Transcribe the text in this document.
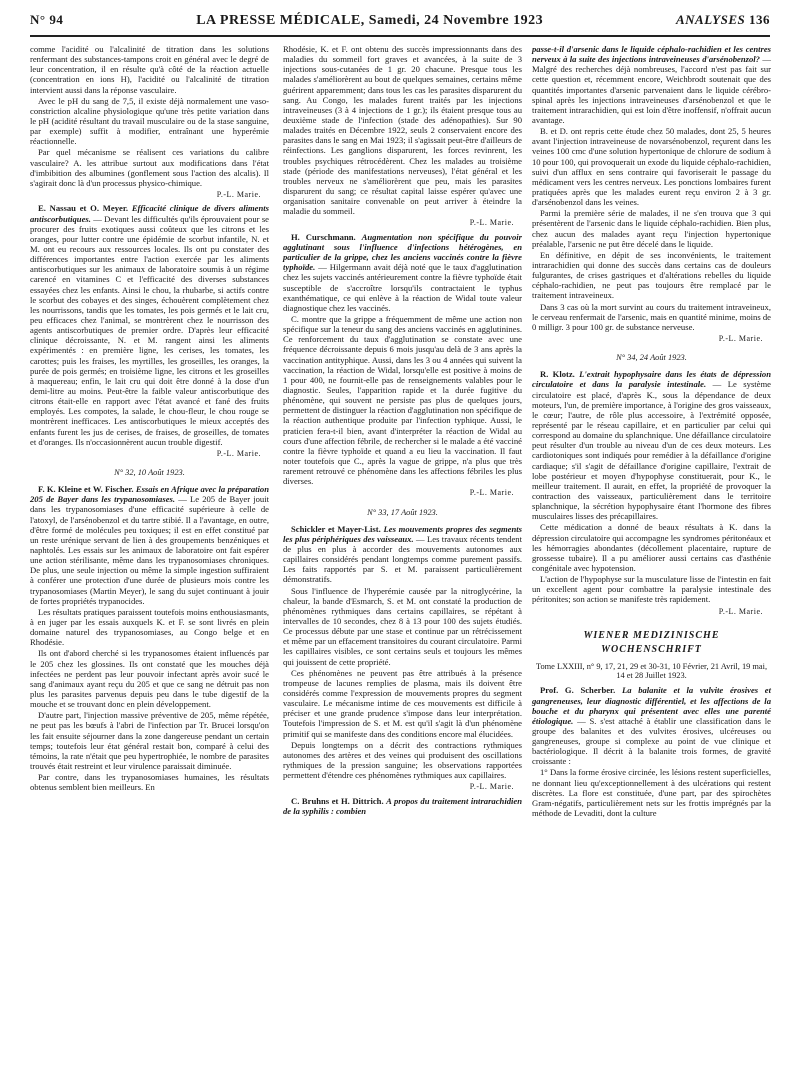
N° 94	LA PRESSE MÉDICALE, Samedi, 24 Novembre 1923	ANALYSES 136

comme l'acidité ou l'alcalinité de titration dans les solutions renfermant des substances-tampons croit en général avec le degré de leur concentration, il en résulte qu'à côté de la réaction actuelle (concentration en ions H), l'acidité ou l'alcalinité de titration intervient aussi dans la réponse vasculaire.

Avec le pH du sang de 7,5, il existe déjà normalement une vaso-constriction alcaline physiologique qu'une très petite variation dans le pH (acidité résultant du travail musculaire ou de la stase sanguine, par exemple) suffit à modifier, entraînant une hyperémie réactionnelle.

Par quel mécanisme se réalisent ces variations du calibre vasculaire? A. les attribue surtout aux modifications dans l'état d'imbibition des albumines (gonflement sous l'action des alcalis). Il s'agirait donc là d'un processus physico-chimique.

P.-L. Marie.

E. Nassau et O. Meyer. Efficacité clinique de divers aliments antiscorbutiques. — Devant les difficultés qu'ils éprouvaient pour se procurer des fruits exotiques aussi coûteux que les citrons et les oranges, pour lutter contre une épidémie de scorbut infantile, N. et M. ont eu recours aux ressources locales. Ils ont pu constater des différences importantes entre l'action exercée par les aliments antiscorbutiques sur les animaux de laboratoire soumis à un régime carencé en vitamines C et l'efficacité des diverses substances essayées chez les enfants. Ainsi le chou, la rhubarbe, si actifs contre le scorbut des cobayes et des singes, échouèrent complètement chez les nourrissons, tandis que les tomates, les pois germés et le lait cru, peu efficaces chez l'animal, se montrèrent chez le nourrisson des agents antiscorbutiques de premier ordre. D'après leur efficacité clinique décroissante, N. et M. rangent ainsi les aliments expérimentés : en première ligne, les cerises, les tomates, les carottes; puis les fraises, les myrtilles, les groseilles, les oranges, la purée de pois germés; en troisième ligne, les citrons et les groseilles à maquereau; enfin, le lait cru qui doit être donné à la dose d'un demi-litre au moins. Peut-être la faible valeur antiscorbutique des citrons était-elle en rapport avec l'état avancé et fané des fruits employés. Les compotes, la salade, le chou-fleur, le chou rouge se montrèrent inefficaces. Les antiscorbutiques le mieux acceptés des enfants furent les jus de cerises, de fraises, de groseilles, de tomates et d'oranges. Ils n'occasionnèrent aucun trouble digestif.

P.-L. Marie.
N° 32, 10 Août 1923.

F. K. Kleine et W. Fischer. Essais en Afrique avec la préparation 205 de Bayer dans les trypanosomiases. — Le 205 de Bayer jouit dans les trypanosomiases d'une efficacité supérieure à celle de l'atoxyl, de l'arsénobenzol et du tartre stibié. Il a l'avantage, en outre, d'être formé de molécules peu toxiques; il est en effet constitué par un reste urénique servant de lien à des groupements benzéniques et naphtolés. Les essais sur les animaux de laboratoire ont fait espérer une action stérilisante, même dans les trypanosomiases chroniques. De plus, une seule injection ou même la simple ingestion suffiraient à conférer une protection d'une durée de plusieurs mois contre les trypanosomiases (Martin Meyer), le sang du sujet continuant à jouir de fortes propriétés trypanocides.

Les résultats pratiques paraissent toutefois moins enthousiasmants, à en juger par les essais auxquels K. et F. se sont livrés en plein domaine naturel des trypanosomiases, au Congo belge et en Rhodésie.

Ils ont d'abord cherché si les trypanosomes étaient influencés par le 205 chez les glossines. Ils ont constaté que les mouches déjà infectées ne perdent pas leur pouvoir infectant après avoir sucé le sang d'animaux ayant reçu du 205 et que ce sang ne détruit pas non plus les parasites parvenus depuis peu dans le tube digestif de la mouche et se trouvant donc en plein développement.

D'autre part, l'injection massive préventive de 205, même répétée, ne peut pas les bœufs à l'abri de l'infection par Tr. Brucei lorsqu'on les fait ensuite séjourner dans la zone dangereuse pendant un certain temps; toutefois leur état général restait bon, comparé à celui des témoins, la rate n'était que peu hypertrophiée, le nombre de parasites trouvés était restreint et leur virulence paraissait diminuée.

Par contre, dans les trypanosomiases humaines, les résultats obtenus semblent bien meilleurs. En

Rhodésie, K. et F. ont obtenu des succès impressionnants dans des maladies du sommeil fort graves et avancées, à la suite de 3 injections sous-cutanées de 1 gr. 20 chacune. Presque tous les malades s'améliorèrent au bout de quelques semaines, certains même guérirent apparemment; dans tous les cas les parasites disparurent du sang. Au Congo, les malades furent traités par les injections intraveineuses (3 à 4 injections de 1 gr.); ils étaient presque tous au deuxième stade de l'infection (stade des adénopathies). Sur 90 malades traités en Décembre 1922, seuls 2 conservaient encore des parasites dans le sang en Mai 1923; il s'agissait peut-être d'ailleurs de réinfections. Les ganglions disparurent, les forces revinrent, les troubles psychiques rétrocédèrent. Chez les malades au troisième stade (période des manifestations nerveuses), l'état général et les troubles nerveux ne s'améliorèrent que peu, mais les parasites disparurent du sang; ce résultat capital laisse espérer qu'avec une organisation sanitaire convenable on peut arriver à éteindre la maladie du sommeil.

P.-L. Marie.

H. Curschmann. Augmentation non spécifique du pouvoir agglutinant sous l'influence d'infections hétérogènes, en particulier de la grippe, chez les anciens vaccinés contre la fièvre typhoïde. — Hilgermann avait déjà noté que le taux d'agglutination chez les sujets vaccinés antérieurement contre la fièvre typhoïde était susceptible de s'accroître lorsqu'ils contractaient le typhus exanthématique, ce qui enlève à la réaction de Widal toute valeur diagnostique chez les vaccinés.

C. montre que la grippe a fréquemment de même une action non spécifique sur la teneur du sang des anciens vaccinés en agglutinines. Ce renforcement du taux d'agglutination se constate avec une fréquence décroissante depuis 6 mois jusqu'au delà de 3 ans après la vaccination antityphique. Aussi, dans les 3 ou 4 années qui suivent la vaccination, la réaction de Widal, lorsqu'elle est positive à moins de 1 pour 400, ne fournit-elle pas de renseignements valables pour le diagnostic. Seules, l'apparition rapide et la durée fugitive du phénomène, qui souvent ne persiste pas plus de quelques jours, permettent de distinguer la réaction d'agglutination non spécifique de la réaction authentique produite par l'infection typhique. Aussi, le praticien fera-t-il bien, avant d'interpréter la réaction de Widal au cours d'une affection fébrile, de rechercher si le malade a été vacciné contre la fièvre typhoïde et quand a eu lieu la vaccination. Il faut noter toutefois que C., après la vague de grippe, n'a plus que très rarement retrouvé ce phénomène dans les affections fébriles les plus diverses.

P.-L. Marie.
N° 33, 17 Août 1923.

Schickler et Mayer-List. Les mouvements propres des segments les plus périphériques des vaisseaux. — Les travaux récents tendent de plus en plus à accorder des mouvements autonomes aux capillaires considérés pendant longtemps comme purement passifs. Les faits rapportés par S. et M. paraissent particulièrement démonstratifs.

Sous l'influence de l'hyperémie causée par la nitroglycérine, la chaleur, la bande d'Esmarch, S. et M. ont constaté la production de phénomènes rythmiques dans certains capillaires, se répétant à intervalles de 10 secondes, chez 8 à 13 pour 100 des sujets étudiés. Ce processus débute par une stase et continue par un rétrécissement et même par un effacement transitoires du courant circulatoire. Parmi les capillaires visibles, ce sont certains seuls et toujours les mêmes qui jouissent de cette propriété.

Ces phénomènes ne peuvent pas être attribués à la présence trompeuse de lacunes remplies de plasma, mais ils doivent être considérés comme l'expression de mouvements propres du segment vasculaire. Le mécanisme intime de ces mouvements est difficile à préciser et une grande prudence s'impose dans leur interprétation. Toutefois l'impression de S. et M. est qu'il s'agit là d'un phénomène primitif qui se manifeste dans des conditions encore mal élucidées.

Depuis longtemps on a décrit des contractions rythmiques autonomes des artères et des veines qui produisent des oscillations rythmiques de la pression sanguine; les observations rapportées permettent d'étendre ces phénomènes rythmiques aux capillaires.

P.-L. Marie.

C. Bruhns et H. Dittrich. A propos du traitement intrarachidien de la syphilis : combien

passe-t-il d'arsenic dans le liquide céphalo-rachidien et les centres nerveux à la suite des injections intraveineuses d'arsénobenzol? — Malgré des recherches déjà nombreuses, l'accord n'est pas fait sur cette question et, récemment encore, Weichbrodt soutenait que des quantités importantes d'arsenic parvenaient dans le liquide cérébro-spinal après les injections intraveineuses d'arsénobenzol et que le traitement intrarachidien, qui est loin d'être inoffensif, n'offrait aucun avantage.

B. et D. ont repris cette étude chez 50 malades, dont 25, 5 heures avant l'injection intraveineuse de novarsénobenzol, reçurent dans les veines 100 cmc d'une solution hypertonique de chlorure de sodium à 10 pour 100, qui provoquerait un exode du liquide céphalo-rachidien, suivi d'un afflux en sens contraire qui favoriserait le passage du médicament vers les centres nerveux. Les ponctions lombaires furent pratiquées après que les malades eurent reçu environ 2 à 3 gr. d'arsénobenzol dans les veines.

Parmi la première série de malades, il ne s'en trouva que 3 qui présentèrent de l'arsenic dans le liquide céphalo-rachidien. Bien plus, chez aucun des malades ayant reçu l'injection hypertonique préalable, l'arsenic ne put être décelé dans le liquide.

En définitive, en dépit de ses inconvénients, le traitement intrarachidien qui donne des succès dans certains cas de douleurs fulgurantes, de crises gastriques et d'altérations rebelles du liquide céphalo-rachidien, ne peut pas toujours être remplacé par le traitement intraveineux.

Dans 3 cas où la mort survint au cours du traitement intraveineux, le cerveau renfermait de l'arsenic, mais en quantité minime, moins de 0 milligr. 3 pour 100 gr. de substance nerveuse.

P.-L. Marie.
N° 34, 24 Août 1923.

R. Klotz. L'extrait hypophysaire dans les états de dépression circulatoire et dans la paralysie intestinale. — Le système circulatoire est placé, d'après K., sous la dépendance de deux moteurs, l'un, de première importance, à l'origine des gros vaisseaux, le cœur; l'autre, de rôle plus accessoire, à l'extrémité opposée, représenté par le réseau capillaire, et en particulier par celui qui correspond au domaine du splanchnique. Une défaillance circulatoire peut résulter d'un trouble au niveau d'un de ces deux moteurs. Les cardiotoniques sont indiqués pour remédier à la défaillance d'origine cardiaque; s'il s'agit de défaillance d'origine capillaire, l'extrait de lobe postérieur et moyen d'hypophyse constituerait, pour K., le meilleur traitement. Il aurait, en effet, la propriété de provoquer la contraction des vaisseaux, particulièrement dans le territoire splanchnique, la sécrétion hypophysaire étant l'hormone des fibres musculaires lisses des précapillaires.

Cette médication a donné de beaux résultats à K. dans la dépression circulatoire qui accompagne les syndromes péritonéaux et les hémorragies abondantes (décollement placentaire, rupture de grossesse tubaire). Il a pu améliorer aussi certains cas d'asthénie congénitale avec hypotension.

L'action de l'hypophyse sur la musculature lisse de l'intestin en fait un excellent agent pour combattre la paralysie intestinale des péritonites; son action se manifeste très rapidement.

P.-L. Marie.
WIENER MEDIZINISCHE
WOCHENSCHRIFT
Tome LXXIII, n° 9, 17, 21, 29 et 30-31, 10 Février, 21 Avril, 19 mai, 14 et 28 Juillet 1923.

Prof. G. Scherber. La balanite et la vulvite érosives et gangreneuses, leur diagnostic différentiel, et les affections de la bouche et du pharynx qui présentent avec elles une parenté étiologique. — S. s'est attaché à établir une classification dans le groupe des balanites et des vulvites érosives, ulcéreuses ou gangreneuses, groupe si complexe au point de vue clinique et bactériologique. Il décrit à la balanite trois formes, de gravité croissante :

1° Dans la forme érosive circinée, les lésions restent superficielles, ne donnant lieu qu'exceptionnellement à des ulcérations qui restent discrètes. La flore est constituée, d'une part, par des spirochètes Gram-négatifs, particulièrement nets sur les frottis imprégnés par la méthode de Levaditi, dont la culture
